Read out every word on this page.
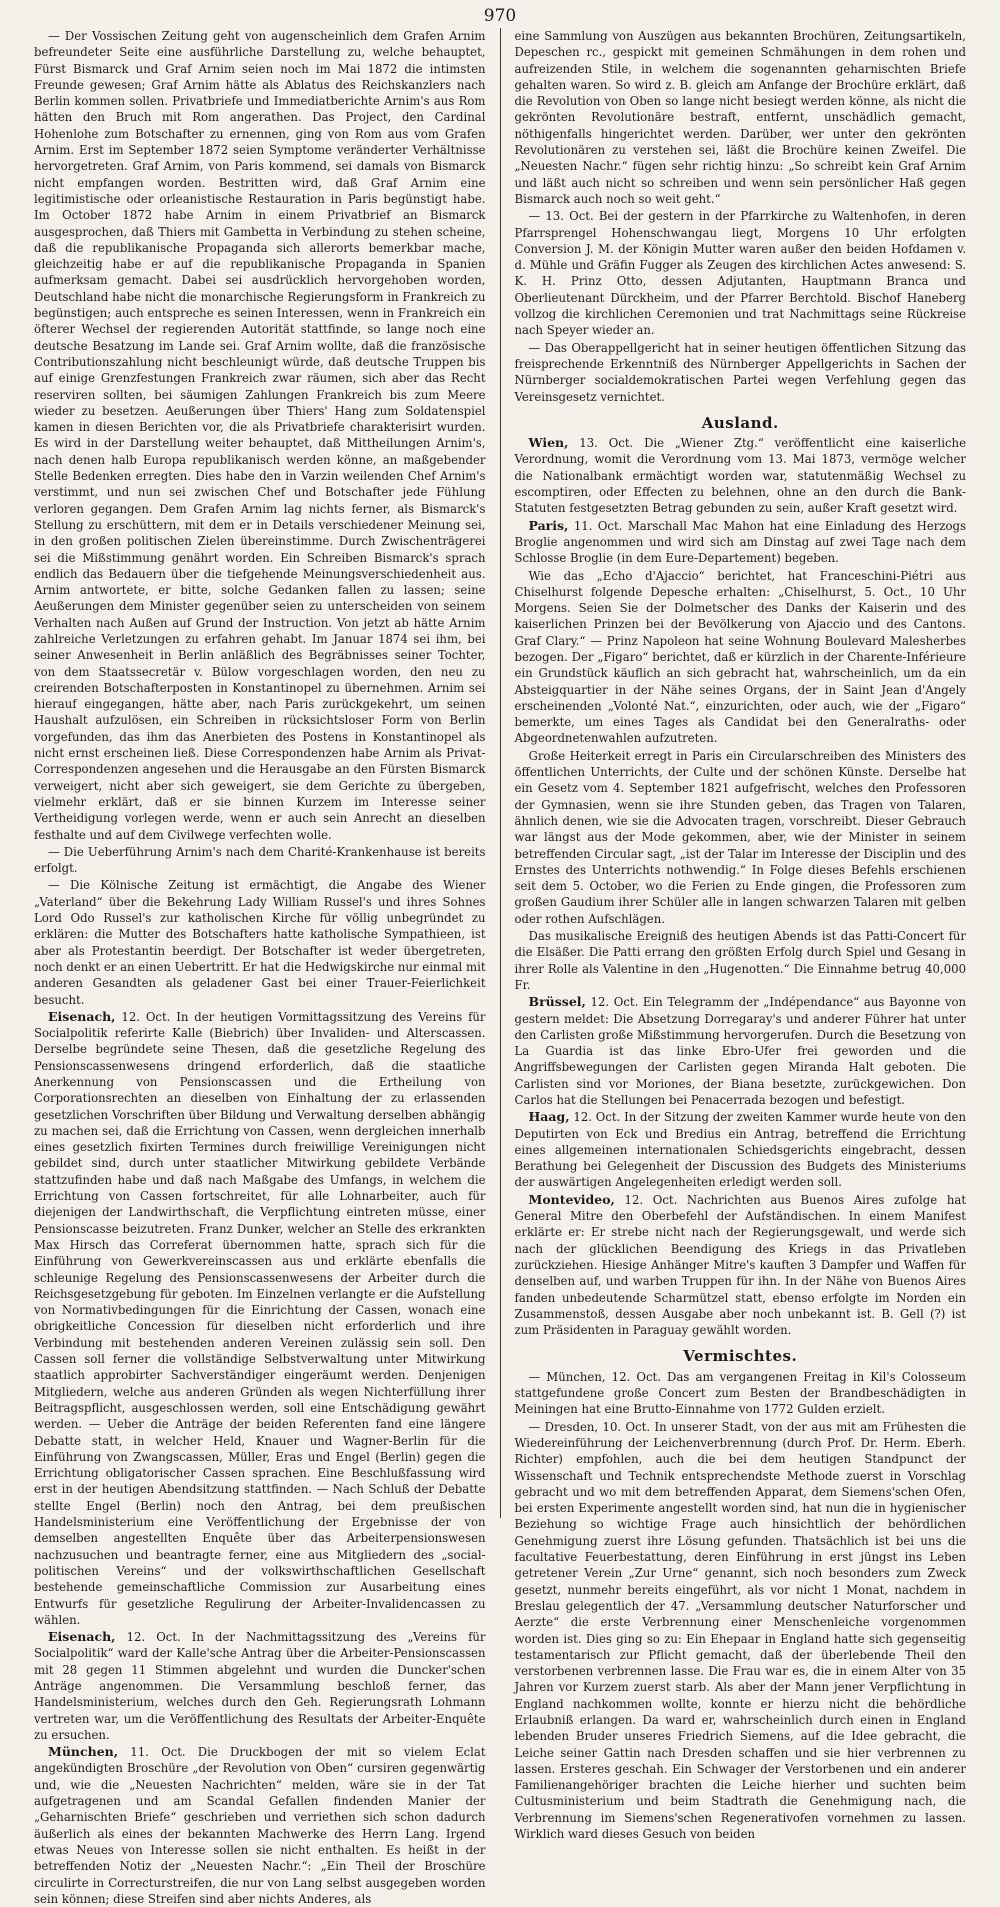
970

— Der Vossischen Zeitung geht von augenscheinlich dem Grafen Arnim befreundeter Seite eine ausführliche Darstellung zu, welche behauptet, Fürst Bismarck und Graf Arnim seien noch im Mai 1872 die intimsten Freunde gewesen; Graf Arnim hätte als Ablatus des Reichskanzlers nach Berlin kommen sollen. Privatbriefe und Immediatberichte Arnim's aus Rom hätten den Bruch mit Rom angerathen. Das Project, den Cardinal Hohenlohe zum Botschafter zu ernennen, ging von Rom aus vom Grafen Arnim. Erst im September 1872 seien Symptome veränderter Verhältnisse hervorgetreten. Graf Arnim, von Paris kommend, sei damals von Bismarck nicht empfangen worden. Bestritten wird, daß Graf Arnim eine legitimistische oder orleanistische Restauration in Paris begünstigt habe. Im October 1872 habe Arnim in einem Privatbrief an Bismarck ausgesprochen, daß Thiers mit Gambetta in Verbindung zu stehen scheine, daß die republikanische Propaganda sich allerorts bemerkbar mache, gleichzeitig habe er auf die republikanische Propaganda in Spanien aufmerksam gemacht. Dabei sei ausdrücklich hervorgehoben worden, Deutschland habe nicht die monarchische Regierungsform in Frankreich zu begünstigen; auch entspreche es seinen Interessen, wenn in Frankreich ein öfterer Wechsel der regierenden Autorität stattfinde, so lange noch eine deutsche Besatzung im Lande sei. Graf Arnim wollte, daß die französische Contributionszahlung nicht beschleunigt würde, daß deutsche Truppen bis auf einige Grenzfestungen Frankreich zwar räumen, sich aber das Recht reserviren sollten, bei säumigen Zahlungen Frankreich bis zum Meere wieder zu besetzen. Aeußerungen über Thiers' Hang zum Soldatenspiel kamen in diesen Berichten vor, die als Privatbriefe charakterisirt wurden. Es wird in der Darstellung weiter behauptet, daß Mittheilungen Arnim's, nach denen halb Europa republikanisch werden könne, an maßgebender Stelle Bedenken erregten. Dies habe den in Varzin weilenden Chef Arnim's verstimmt, und nun sei zwischen Chef und Botschafter jede Fühlung verloren gegangen. Dem Grafen Arnim lag nichts ferner, als Bismarck's Stellung zu erschüttern, mit dem er in Details verschiedener Meinung sei, in den großen politischen Zielen übereinstimme. Durch Zwischenträgerei sei die Mißstimmung genährt worden. Ein Schreiben Bismarck's sprach endlich das Bedauern über die tiefgehende Meinungsverschiedenheit aus. Arnim antwortete, er bitte, solche Gedanken fallen zu lassen; seine Aeußerungen dem Minister gegenüber seien zu unterscheiden von seinem Verhalten nach Außen auf Grund der Instruction. Von jetzt ab hätte Arnim zahlreiche Verletzungen zu erfahren gehabt. Im Januar 1874 sei ihm, bei seiner Anwesenheit in Berlin anläßlich des Begräbnisses seiner Tochter, von dem Staatssecretär v. Bülow vorgeschlagen worden, den neu zu creirenden Botschafterposten in Konstantinopel zu übernehmen. Arnim sei hierauf eingegangen, hätte aber, nach Paris zurückgekehrt, um seinen Haushalt aufzulösen, ein Schreiben in rücksichtsloser Form von Berlin vorgefunden, das ihm das Anerbieten des Postens in Konstantinopel als nicht ernst erscheinen ließ. Diese Correspondenzen habe Arnim als Privat-Correspondenzen angesehen und die Herausgabe an den Fürsten Bismarck verweigert, nicht aber sich geweigert, sie dem Gerichte zu übergeben, vielmehr erklärt, daß er sie binnen Kurzem im Interesse seiner Vertheidigung vorlegen werde, wenn er auch sein Anrecht an dieselben festhalte und auf dem Civilwege verfechten wolle.

— Die Ueberführung Arnim's nach dem Charité-Krankenhause ist bereits erfolgt.

— Die Kölnische Zeitung ist ermächtigt, die Angabe des Wiener „Vaterland“ über die Bekehrung Lady William Russel's und ihres Sohnes Lord Odo Russel's zur katholischen Kirche für völlig unbegründet zu erklären: die Mutter des Botschafters hatte katholische Sympathieen, ist aber als Protestantin beerdigt. Der Botschafter ist weder übergetreten, noch denkt er an einen Uebertritt. Er hat die Hedwigskirche nur einmal mit anderen Gesandten als geladener Gast bei einer Trauer-Feierlichkeit besucht.

Eisenach, 12. Oct. In der heutigen Vormittagssitzung des Vereins für Socialpolitik referirte Kalle (Biebrich) über Invaliden- und Alterscassen. Derselbe begründete seine Thesen, daß die gesetzliche Regelung des Pensionscassenwesens dringend erforderlich, daß die staatliche Anerkennung von Pensionscassen und die Ertheilung von Corporationsrechten an dieselben von Einhaltung der zu erlassenden gesetzlichen Vorschriften über Bildung und Verwaltung derselben abhängig zu machen sei, daß die Errichtung von Cassen, wenn dergleichen innerhalb eines gesetzlich fixirten Termines durch freiwillige Vereinigungen nicht gebildet sind, durch unter staatlicher Mitwirkung gebildete Verbände stattzufinden habe und daß nach Maßgabe des Umfangs, in welchem die Errichtung von Cassen fortschreitet, für alle Lohnarbeiter, auch für diejenigen der Landwirthschaft, die Verpflichtung eintreten müsse, einer Pensionscasse beizutreten. Franz Dunker, welcher an Stelle des erkrankten Max Hirsch das Correferat übernommen hatte, sprach sich für die Einführung von Gewerkvereinscassen aus und erklärte ebenfalls die schleunige Regelung des Pensionscassenwesens der Arbeiter durch die Reichsgesetzgebung für geboten. Im Einzelnen verlangte er die Aufstellung von Normativbedingungen für die Einrichtung der Cassen, wonach eine obrigkeitliche Concession für dieselben nicht erforderlich und ihre Verbindung mit bestehenden anderen Vereinen zulässig sein soll. Den Cassen soll ferner die vollständige Selbstverwaltung unter Mitwirkung staatlich approbirter Sachverständiger eingeräumt werden. Denjenigen Mitgliedern, welche aus anderen Gründen als wegen Nichterfüllung ihrer Beitragspflicht, ausgeschlossen werden, soll eine Entschädigung gewährt werden. — Ueber die Anträge der beiden Referenten fand eine längere Debatte statt, in welcher Held, Knauer und Wagner-Berlin für die Einführung von Zwangscassen, Müller, Eras und Engel (Berlin) gegen die Errichtung obligatorischer Cassen sprachen. Eine Beschlußfassung wird erst in der heutigen Abendsitzung stattfinden. — Nach Schluß der Debatte stellte Engel (Berlin) noch den Antrag, bei dem preußischen Handelsministerium eine Veröffentlichung der Ergebnisse der von demselben angestellten Enquête über das Arbeiterpensionswesen nachzusuchen und beantragte ferner, eine aus Mitgliedern des „social-politischen Vereins“ und der volkswirthschaftlichen Gesellschaft bestehende gemeinschaftliche Commission zur Ausarbeitung eines Entwurfs für gesetzliche Regulirung der Arbeiter-Invalidencassen zu wählen.

Eisenach, 12. Oct. In der Nachmittagssitzung des „Vereins für Socialpolitik“ ward der Kalle'sche Antrag über die Arbeiter-Pensionscassen mit 28 gegen 11 Stimmen abgelehnt und wurden die Duncker'schen Anträge angenommen. Die Versammlung beschloß ferner, das Handelsministerium, welches durch den Geh. Regierungsrath Lohmann vertreten war, um die Veröffentlichung des Resultats der Arbeiter-Enquête zu ersuchen.

München, 11. Oct. Die Druckbogen der mit so vielem Eclat angekündigten Broschüre „der Revolution von Oben“ cursiren gegenwärtig und, wie die „Neuesten Nachrichten“ melden, wäre sie in der Tat aufgetragenen und am Scandal Gefallen findenden Manier der „Geharnischten Briefe“ geschrieben und verriethen sich schon dadurch äußerlich als eines der bekannten Machwerke des Herrn Lang. Irgend etwas Neues von Interesse sollen sie nicht enthalten. Es heißt in der betreffenden Notiz der „Neuesten Nachr.“: „Ein Theil der Broschüre circulirte in Correcturstreifen, die nur von Lang selbst ausgegeben worden sein können; diese Streifen sind aber nichts Anderes, als

eine Sammlung von Auszügen aus bekannten Brochüren, Zeitungsartikeln, Depeschen rc., gespickt mit gemeinen Schmähungen in dem rohen und aufreizenden Stile, in welchem die sogenannten geharnischten Briefe gehalten waren. So wird z. B. gleich am Anfange der Brochüre erklärt, daß die Revolution von Oben so lange nicht besiegt werden könne, als nicht die gekrönten Revolutionäre bestraft, entfernt, unschädlich gemacht, nöthigenfalls hingerichtet werden. Darüber, wer unter den gekrönten Revolutionären zu verstehen sei, läßt die Brochüre keinen Zweifel. Die „Neuesten Nachr.“ fügen sehr richtig hinzu: „So schreibt kein Graf Arnim und läßt auch nicht so schreiben und wenn sein persönlicher Haß gegen Bismarck auch noch so weit geht.“

— 13. Oct. Bei der gestern in der Pfarrkirche zu Waltenhofen, in deren Pfarrsprengel Hohenschwangau liegt, Morgens 10 Uhr erfolgten Conversion J. M. der Königin Mutter waren außer den beiden Hofdamen v. d. Mühle und Gräfin Fugger als Zeugen des kirchlichen Actes anwesend: S. K. H. Prinz Otto, dessen Adjutanten, Hauptmann Branca und Oberlieutenant Dürckheim, und der Pfarrer Berchtold. Bischof Haneberg vollzog die kirchlichen Ceremonien und trat Nachmittags seine Rückreise nach Speyer wieder an.

— Das Oberappellgericht hat in seiner heutigen öffentlichen Sitzung das freisprechende Erkenntniß des Nürnberger Appellgerichts in Sachen der Nürnberger socialdemokratischen Partei wegen Verfehlung gegen das Vereinsgesetz vernichtet.

Ausland.

Wien, 13. Oct. Die „Wiener Ztg.“ veröffentlicht eine kaiserliche Verordnung, womit die Verordnung vom 13. Mai 1873, vermöge welcher die Nationalbank ermächtigt worden war, statutenmäßig Wechsel zu escomptiren, oder Effecten zu belehnen, ohne an den durch die Bank-Statuten festgesetzten Betrag gebunden zu sein, außer Kraft gesetzt wird.

Paris, 11. Oct. Marschall Mac Mahon hat eine Einladung des Herzogs Broglie angenommen und wird sich am Dinstag auf zwei Tage nach dem Schlosse Broglie (in dem Eure-Departement) begeben.

Wie das „Echo d'Ajaccio“ berichtet, hat Franceschini-Piétri aus Chiselhurst folgende Depesche erhalten: „Chiselhurst, 5. Oct., 10 Uhr Morgens. Seien Sie der Dolmetscher des Danks der Kaiserin und des kaiserlichen Prinzen bei der Bevölkerung von Ajaccio und des Cantons. Graf Clary.“ — Prinz Napoleon hat seine Wohnung Boulevard Malesherbes bezogen. Der „Figaro“ berichtet, daß er kürzlich in der Charente-Inférieure ein Grundstück käuflich an sich gebracht hat, wahrscheinlich, um da ein Absteigquartier in der Nähe seines Organs, der in Saint Jean d'Angely erscheinenden „Volonté Nat.“, einzurichten, oder auch, wie der „Figaro“ bemerkte, um eines Tages als Candidat bei den Generalraths- oder Abgeordnetenwahlen aufzutreten.

Große Heiterkeit erregt in Paris ein Circularschreiben des Ministers des öffentlichen Unterrichts, der Culte und der schönen Künste. Derselbe hat ein Gesetz vom 4. September 1821 aufgefrischt, welches den Professoren der Gymnasien, wenn sie ihre Stunden geben, das Tragen von Talaren, ähnlich denen, wie sie die Advocaten tragen, vorschreibt. Dieser Gebrauch war längst aus der Mode gekommen, aber, wie der Minister in seinem betreffenden Circular sagt, „ist der Talar im Interesse der Disciplin und des Ernstes des Unterrichts nothwendig.“ In Folge dieses Befehls erschienen seit dem 5. October, wo die Ferien zu Ende gingen, die Professoren zum großen Gaudium ihrer Schüler alle in langen schwarzen Talaren mit gelben oder rothen Aufschlägen.

Das musikalische Ereigniß des heutigen Abends ist das Patti-Concert für die Elsäßer. Die Patti errang den größten Erfolg durch Spiel und Gesang in ihrer Rolle als Valentine in den „Hugenotten.“ Die Einnahme betrug 40,000 Fr.

Brüssel, 12. Oct. Ein Telegramm der „Indépendance“ aus Bayonne von gestern meldet: Die Absetzung Dorregaray's und anderer Führer hat unter den Carlisten große Mißstimmung hervorgerufen. Durch die Besetzung von La Guardia ist das linke Ebro-Ufer frei geworden und die Angriffsbewegungen der Carlisten gegen Miranda Halt geboten. Die Carlisten sind vor Moriones, der Biana besetzte, zurückgewichen. Don Carlos hat die Stellungen bei Penacerrada bezogen und befestigt.

Haag, 12. Oct. In der Sitzung der zweiten Kammer wurde heute von den Deputirten von Eck und Bredius ein Antrag, betreffend die Errichtung eines allgemeinen internationalen Schiedsgerichts eingebracht, dessen Berathung bei Gelegenheit der Discussion des Budgets des Ministeriums der auswärtigen Angelegenheiten erledigt werden soll.

Montevideo, 12. Oct. Nachrichten aus Buenos Aires zufolge hat General Mitre den Oberbefehl der Aufständischen. In einem Manifest erklärte er: Er strebe nicht nach der Regierungsgewalt, und werde sich nach der glücklichen Beendigung des Kriegs in das Privatleben zurückziehen. Hiesige Anhänger Mitre's kauften 3 Dampfer und Waffen für denselben auf, und warben Truppen für ihn. In der Nähe von Buenos Aires fanden unbedeutende Scharmützel statt, ebenso erfolgte im Norden ein Zusammenstoß, dessen Ausgabe aber noch unbekannt ist. B. Gell (?) ist zum Präsidenten in Paraguay gewählt worden.

Vermischtes.

— München, 12. Oct. Das am vergangenen Freitag in Kil's Colosseum stattgefundene große Concert zum Besten der Brandbeschädigten in Meiningen hat eine Brutto-Einnahme von 1772 Gulden erzielt.

— Dresden, 10. Oct. In unserer Stadt, von der aus mit am Frühesten die Wiedereinführung der Leichenverbrennung (durch Prof. Dr. Herm. Eberh. Richter) empfohlen, auch die bei dem heutigen Standpunct der Wissenschaft und Technik entsprechendste Methode zuerst in Vorschlag gebracht und wo mit dem betreffenden Apparat, dem Siemens'schen Ofen, bei ersten Experimente angestellt worden sind, hat nun die in hygienischer Beziehung so wichtige Frage auch hinsichtlich der behördlichen Genehmigung zuerst ihre Lösung gefunden. Thatsächlich ist bei uns die facultative Feuerbestattung, deren Einführung in erst jüngst ins Leben getretener Verein „Zur Urne“ genannt, sich noch besonders zum Zweck gesetzt, nunmehr bereits eingeführt, als vor nicht 1 Monat, nachdem in Breslau gelegentlich der 47. „Versammlung deutscher Naturforscher und Aerzte“ die erste Verbrennung einer Menschenleiche vorgenommen worden ist. Dies ging so zu: Ein Ehepaar in England hatte sich gegenseitig testamentarisch zur Pflicht gemacht, daß der überlebende Theil den verstorbenen verbrennen lasse. Die Frau war es, die in einem Alter von 35 Jahren vor Kurzem zuerst starb. Als aber der Mann jener Verpflichtung in England nachkommen wollte, konnte er hierzu nicht die behördliche Erlaubniß erlangen. Da ward er, wahrscheinlich durch einen in England lebenden Bruder unseres Friedrich Siemens, auf die Idee gebracht, die Leiche seiner Gattin nach Dresden schaffen und sie hier verbrennen zu lassen. Ersteres geschah. Ein Schwager der Verstorbenen und ein anderer Familienangehöriger brachten die Leiche hierher und suchten beim Cultusministerium und beim Stadtrath die Genehmigung nach, die Verbrennung im Siemens'schen Regenerativofen vornehmen zu lassen. Wirklich ward dieses Gesuch von beiden
